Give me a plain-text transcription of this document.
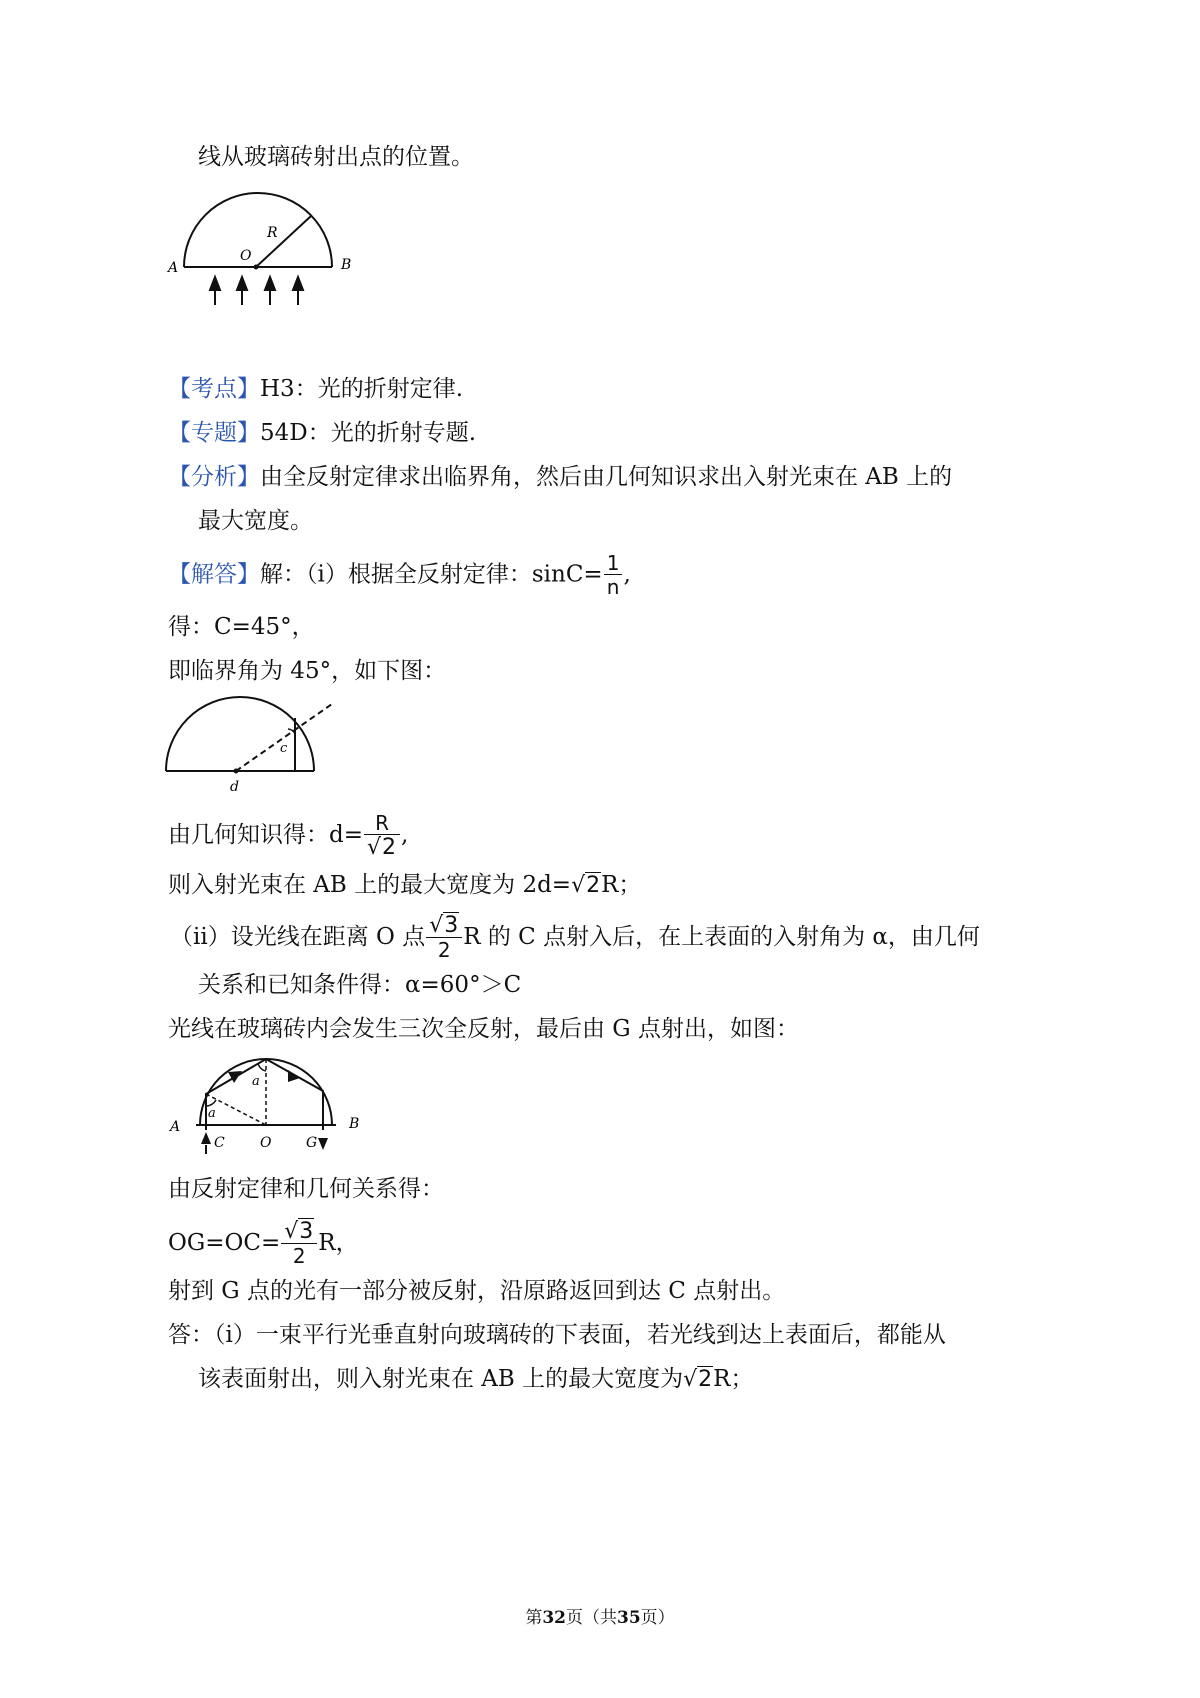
线从玻璃砖射出点的位置。
A	B
O
R
【考点】H3：光的折射定律.
【专题】54D：光的折射专题.
【分析】由全反射定律求出临界角，然后由几何知识求出入射光束在 AB 上的
最大宽度。
【解答】解：（i）根据全反射定律：$\sin C= \frac{1}{n}$ ,
得：C=45°，
即临界角为 45°，如下图：
c
d
由几何知识得：$d= \frac{R}{√2}$ ,
则入射光束在 AB 上的最大宽度为 2d=√2R；
（ii）设光线在距离 O 点 $\frac{√3}{2}$ R 的 C 点射入后，在上表面的入射角为 α，由几何
关系和已知条件得：α=60°＞C
光线在玻璃砖内会发生三次全反射，最后由 G 点射出，如图：
A	B
C	O G
a
a
由反射定律和几何关系得：
$OG=OC= \frac{√3}{2}$ R，
射到 G 点的光有一部分被反射，沿原路返回到达 C 点射出。
答：（i）一束平行光垂直射向玻璃砖的下表面，若光线到达上表面后，都能从
该表面射出，则入射光束在 AB 上的最大宽度为√2R；
第32页（共35页）
